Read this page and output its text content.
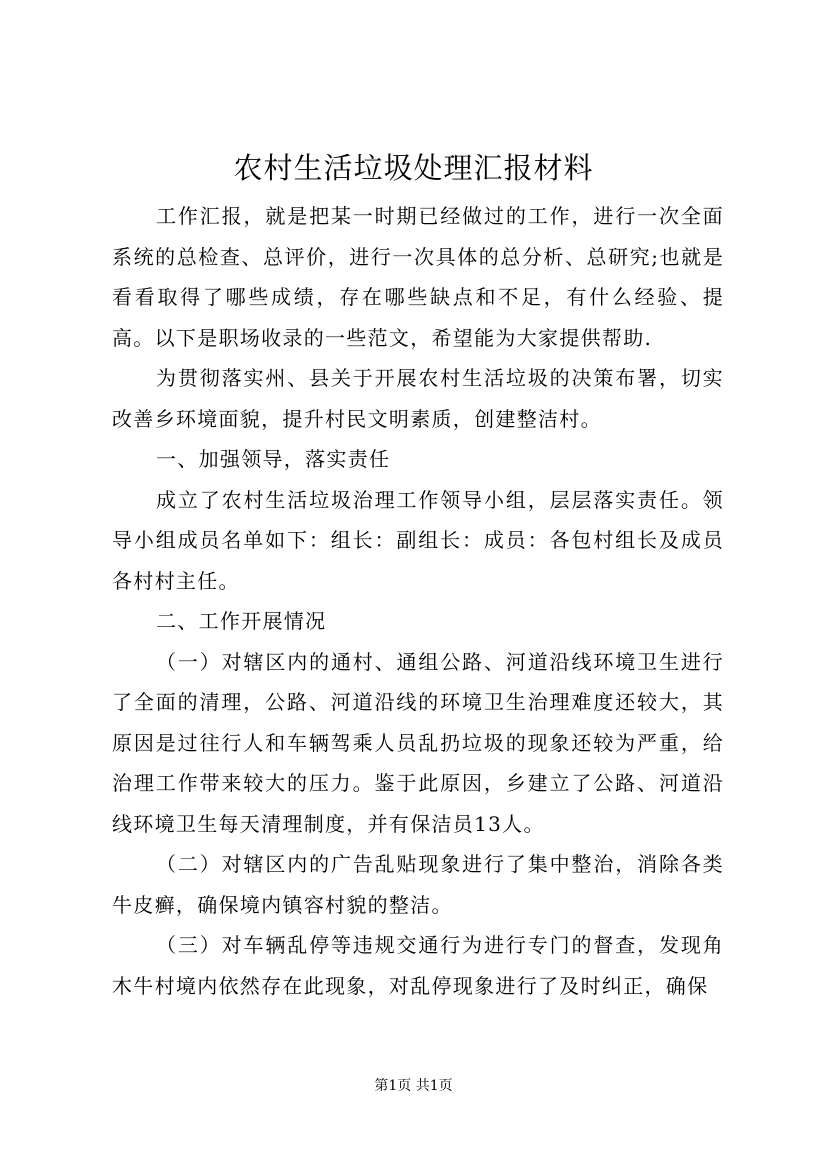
农村生活垃圾处理汇报材料

工作汇报，就是把某一时期已经做过的工作，进行一次全面系统的总检查、总评价，进行一次具体的总分析、总研究;也就是看看取得了哪些成绩，存在哪些缺点和不足，有什么经验、提高。以下是职场收录的一些范文，希望能为大家提供帮助.

为贯彻落实州、县关于开展农村生活垃圾的决策布署，切实改善乡环境面貌，提升村民文明素质，创建整洁村。

一、加强领导，落实责任

成立了农村生活垃圾治理工作领导小组，层层落实责任。领导小组成员名单如下：组长：副组长：成员：各包村组长及成员各村村主任。

二、工作开展情况

（一）对辖区内的通村、通组公路、河道沿线环境卫生进行了全面的清理，公路、河道沿线的环境卫生治理难度还较大，其原因是过往行人和车辆驾乘人员乱扔垃圾的现象还较为严重，给治理工作带来较大的压力。鉴于此原因，乡建立了公路、河道沿线环境卫生每天清理制度，并有保洁员13人。

（二）对辖区内的广告乱贴现象进行了集中整治，消除各类牛皮癣，确保境内镇容村貌的整洁。

（三）对车辆乱停等违规交通行为进行专门的督查，发现角木牛村境内依然存在此现象，对乱停现象进行了及时纠正，确保

第1页 共1页
